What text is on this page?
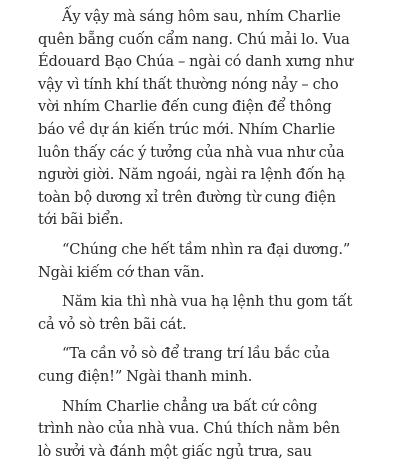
Ấy vậy mà sáng hôm sau, nhím Charlie
quên bẵng cuốn cẩm nang. Chú mải lo. Vua
Édouard Bạo Chúa – ngài có danh xưng như
vậy vì tính khí thất thường nóng nảy – cho
vời nhím Charlie đến cung điện để thông
báo về dự án kiến trúc mới. Nhím Charlie
luôn thấy các ý tưởng của nhà vua như của
người giời. Năm ngoái, ngài ra lệnh đốn hạ
toàn bộ dương xỉ trên đường từ cung điện
tới bãi biển.

“Chúng che hết tầm nhìn ra đại dương.”
Ngài kiếm cớ than vãn.

Năm kia thì nhà vua hạ lệnh thu gom tất
cả vỏ sò trên bãi cát.

“Ta cần vỏ sò để trang trí lầu bắc của
cung điện!” Ngài thanh minh.

Nhím Charlie chẳng ưa bất cứ công
trình nào của nhà vua. Chú thích nằm bên
lò sưởi và đánh một giấc ngủ trưa, sau
